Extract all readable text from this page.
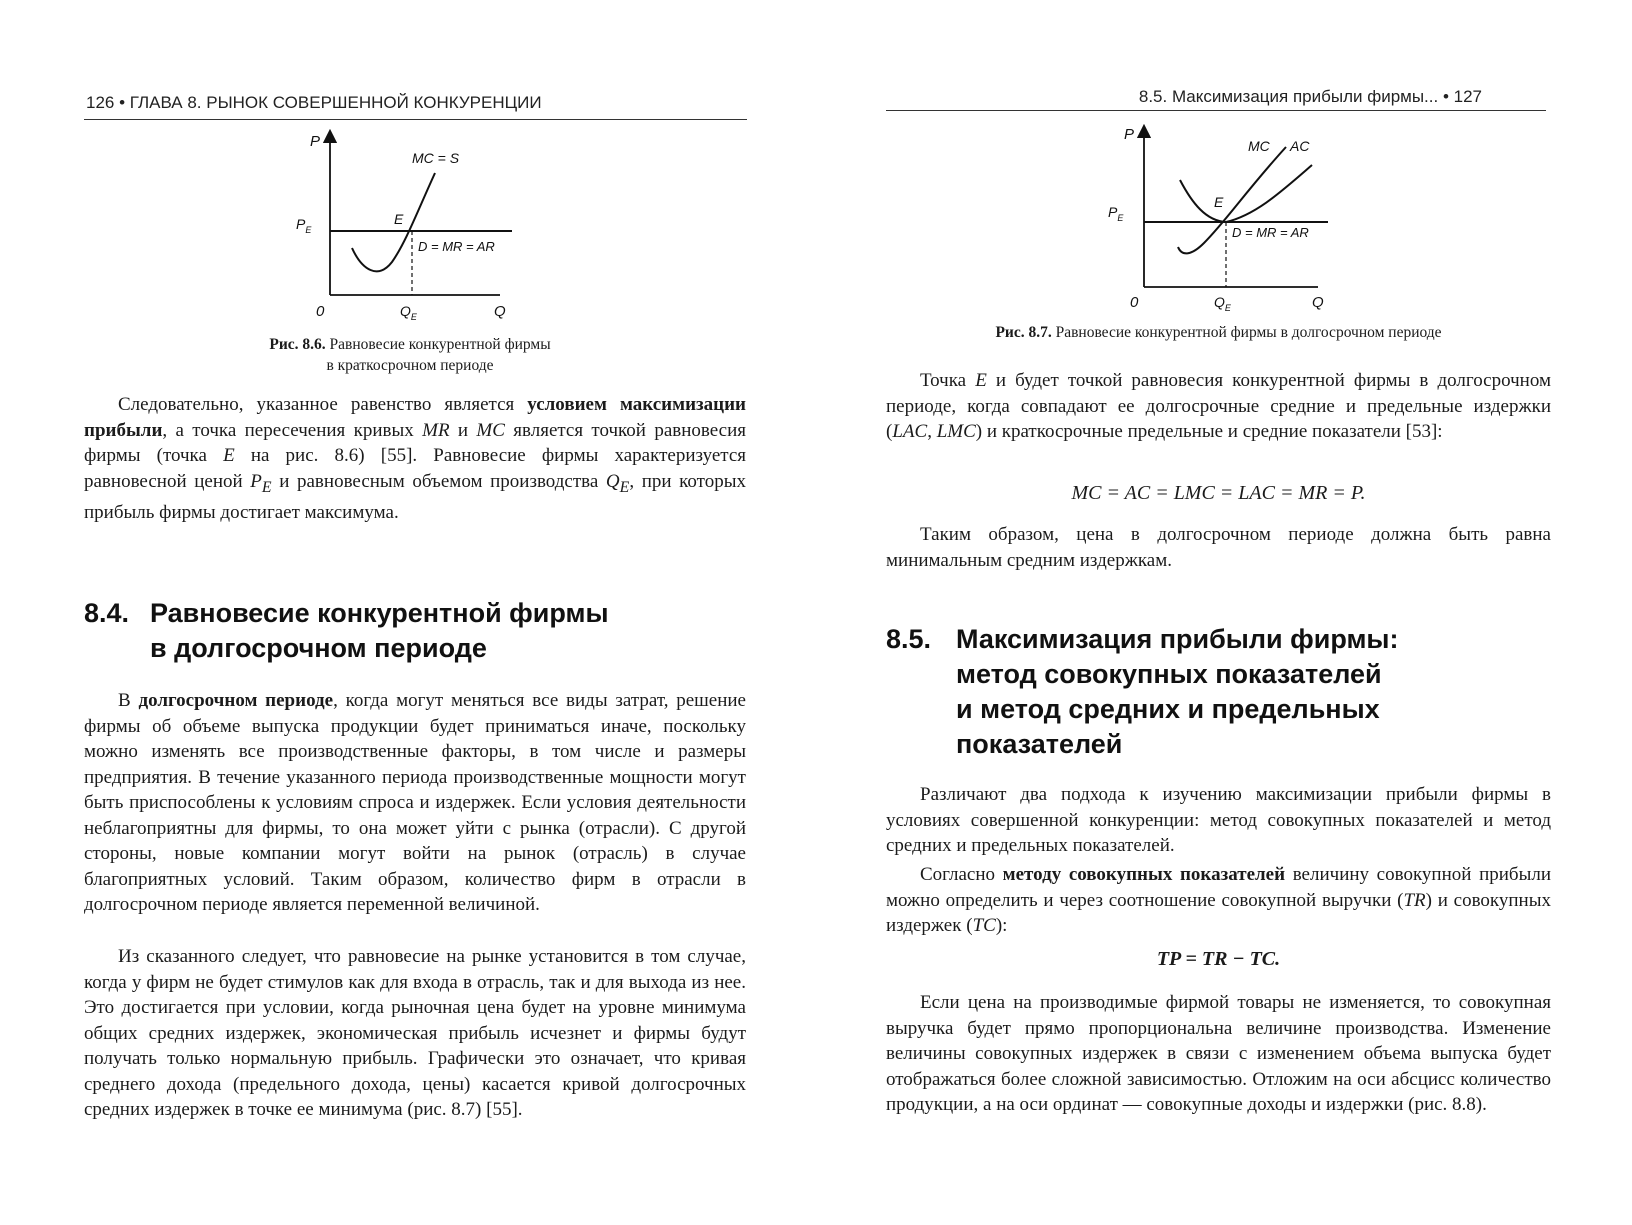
126 • ГЛАВА 8. РЫНОК СОВЕРШЕННОЙ КОНКУРЕНЦИИ
P
Q
0
$P_E$
$Q_E$
E
MC = S
D = MR = AR
Рис. 8.6. Равновесие конкурентной фирмы
в краткосрочном периоде

Следовательно, указанное равенство является условием максимизации прибыли, а точка пересечения кривых MR и MC является точкой равновесия фирмы (точка E на рис. 8.6) [55]. Равновесие фирмы характеризуется равновесной ценой $P_E$ и равновесным объемом производства $Q_E$, при которых прибыль фирмы достигает максимума.

8.4. Равновесие конкурентной фирмы
в долгосрочном периоде

В долгосрочном периоде, когда могут меняться все виды затрат, решение фирмы об объеме выпуска продукции будет приниматься иначе, поскольку можно изменять все производственные факторы, в том числе и размеры предприятия. В течение указанного периода производственные мощности могут быть приспособлены к условиям спроса и издержек. Если условия деятельности неблагоприятны для фирмы, то она может уйти с рынка (отрасли). С другой стороны, новые компании могут войти на рынок (отрасль) в случае благоприятных условий. Таким образом, количество фирм в отрасли в долгосрочном периоде является переменной величиной.

Из сказанного следует, что равновесие на рынке установится в том случае, когда у фирм не будет стимулов как для входа в отрасль, так и для выхода из нее. Это достигается при условии, когда рыночная цена будет на уровне минимума общих средних издержек, экономическая прибыль исчезнет и фирмы будут получать только нормальную прибыль. Графически это означает, что кривая среднего дохода (предельного дохода, цены) касается кривой долгосрочных средних издержек в точке ее минимума (рис. 8.7) [55].

8.5. Максимизация прибыли фирмы... • 127
P
Q
0
$P_E$
$Q_E$
E
MC AC
D = MR = AR
Рис. 8.7. Равновесие конкурентной фирмы в долгосрочном периоде

Точка E и будет точкой равновесия конкурентной фирмы в долгосрочном периоде, когда совпадают ее долгосрочные средние и предельные издержки (LAC, LMC) и краткосрочные предельные и средние показатели [53]:

MC = AC = LMC = LAC = MR = P.

Таким образом, цена в долгосрочном периоде должна быть равна минимальным средним издержкам.

8.5. Максимизация прибыли фирмы:
метод совокупных показателей
и метод средних и предельных
показателей

Различают два подхода к изучению максимизации прибыли фирмы в условиях совершенной конкуренции: метод совокупных показателей и метод средних и предельных показателей.

Согласно методу совокупных показателей величину совокупной прибыли можно определить и через соотношение совокупной выручки (TR) и совокупных издержек (TC):

TP = TR − TC.

Если цена на производимые фирмой товары не изменяется, то совокупная выручка будет прямо пропорциональна величине производства. Изменение величины совокупных издержек в связи с изменением объема выпуска будет отображаться более сложной зависимостью. Отложим на оси абсцисс количество продукции, а на оси ординат — совокупные доходы и издержки (рис. 8.8).
